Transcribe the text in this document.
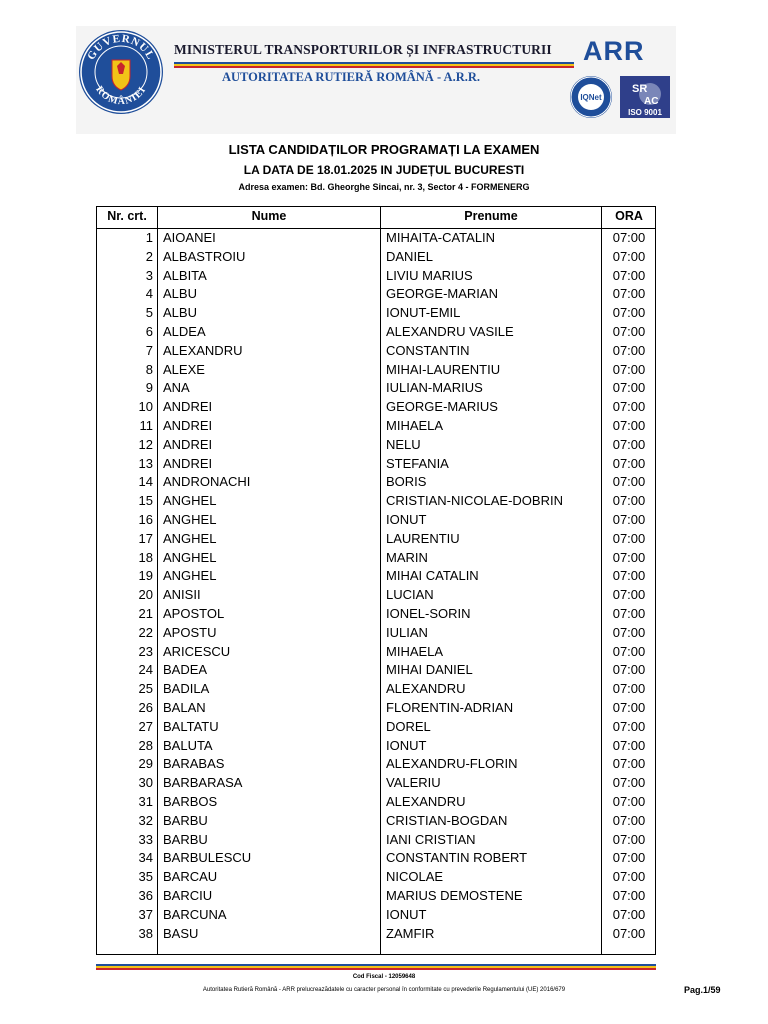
GUVERNUL
ROMÂNIEI
MINISTERUL TRANSPORTURILOR ȘI INFRASTRUCTURII
AUTORITATEA RUTIERĂ ROMÂNĂ - A.R.R.
ARR
IQNet
SR
AC
ISO 9001
LISTA CANDIDAȚILOR PROGRAMAȚI LA EXAMEN
LA DATA DE 18.01.2025 IN JUDEȚUL BUCURESTI
Adresa examen: Bd. Gheorghe Sincai, nr. 3, Sector 4 - FORMENERG
Nr. crt.	Nume	Prenume	ORA
1 AIOANEI	MIHAITA-CATALIN	07:00
2 ALBASTROIU	DANIEL	07:00
3 ALBITA	LIVIU MARIUS	07:00
4 ALBU	GEORGE-MARIAN	07:00
5 ALBU	IONUT-EMIL	07:00
6 ALDEA	ALEXANDRU VASILE	07:00
7 ALEXANDRU	CONSTANTIN	07:00
8 ALEXE	MIHAI-LAURENTIU	07:00
9 ANA	IULIAN-MARIUS	07:00
10 ANDREI	GEORGE-MARIUS	07:00
11 ANDREI	MIHAELA	07:00
12 ANDREI	NELU	07:00
13 ANDREI	STEFANIA	07:00
14 ANDRONACHI	BORIS	07:00
15 ANGHEL	CRISTIAN-NICOLAE-DOBRIN	07:00
16 ANGHEL	IONUT	07:00
17 ANGHEL	LAURENTIU	07:00
18 ANGHEL	MARIN	07:00
19 ANGHEL	MIHAI CATALIN	07:00
20 ANISII	LUCIAN	07:00
21 APOSTOL	IONEL-SORIN	07:00
22 APOSTU	IULIAN	07:00
23 ARICESCU	MIHAELA	07:00
24 BADEA	MIHAI DANIEL	07:00
25 BADILA	ALEXANDRU	07:00
26 BALAN	FLORENTIN-ADRIAN	07:00
27 BALTATU	DOREL	07:00
28 BALUTA	IONUT	07:00
29 BARABAS	ALEXANDRU-FLORIN	07:00
30 BARBARASA	VALERIU	07:00
31 BARBOS	ALEXANDRU	07:00
32 BARBU	CRISTIAN-BOGDAN	07:00
33 BARBU	IANI CRISTIAN	07:00
34 BARBULESCU	CONSTANTIN ROBERT	07:00
35 BARCAU	NICOLAE	07:00
36 BARCIU	MARIUS DEMOSTENE	07:00
37 BARCUNA	IONUT	07:00
38 BASU	ZAMFIR	07:00
Cod Fiscal - 12059648
Autoritatea Rutieră Română - ARR prelucreazădatele cu caracter personal în conformitate cu prevederile Regulamentului (UE) 2016/679	Pag.1/59
